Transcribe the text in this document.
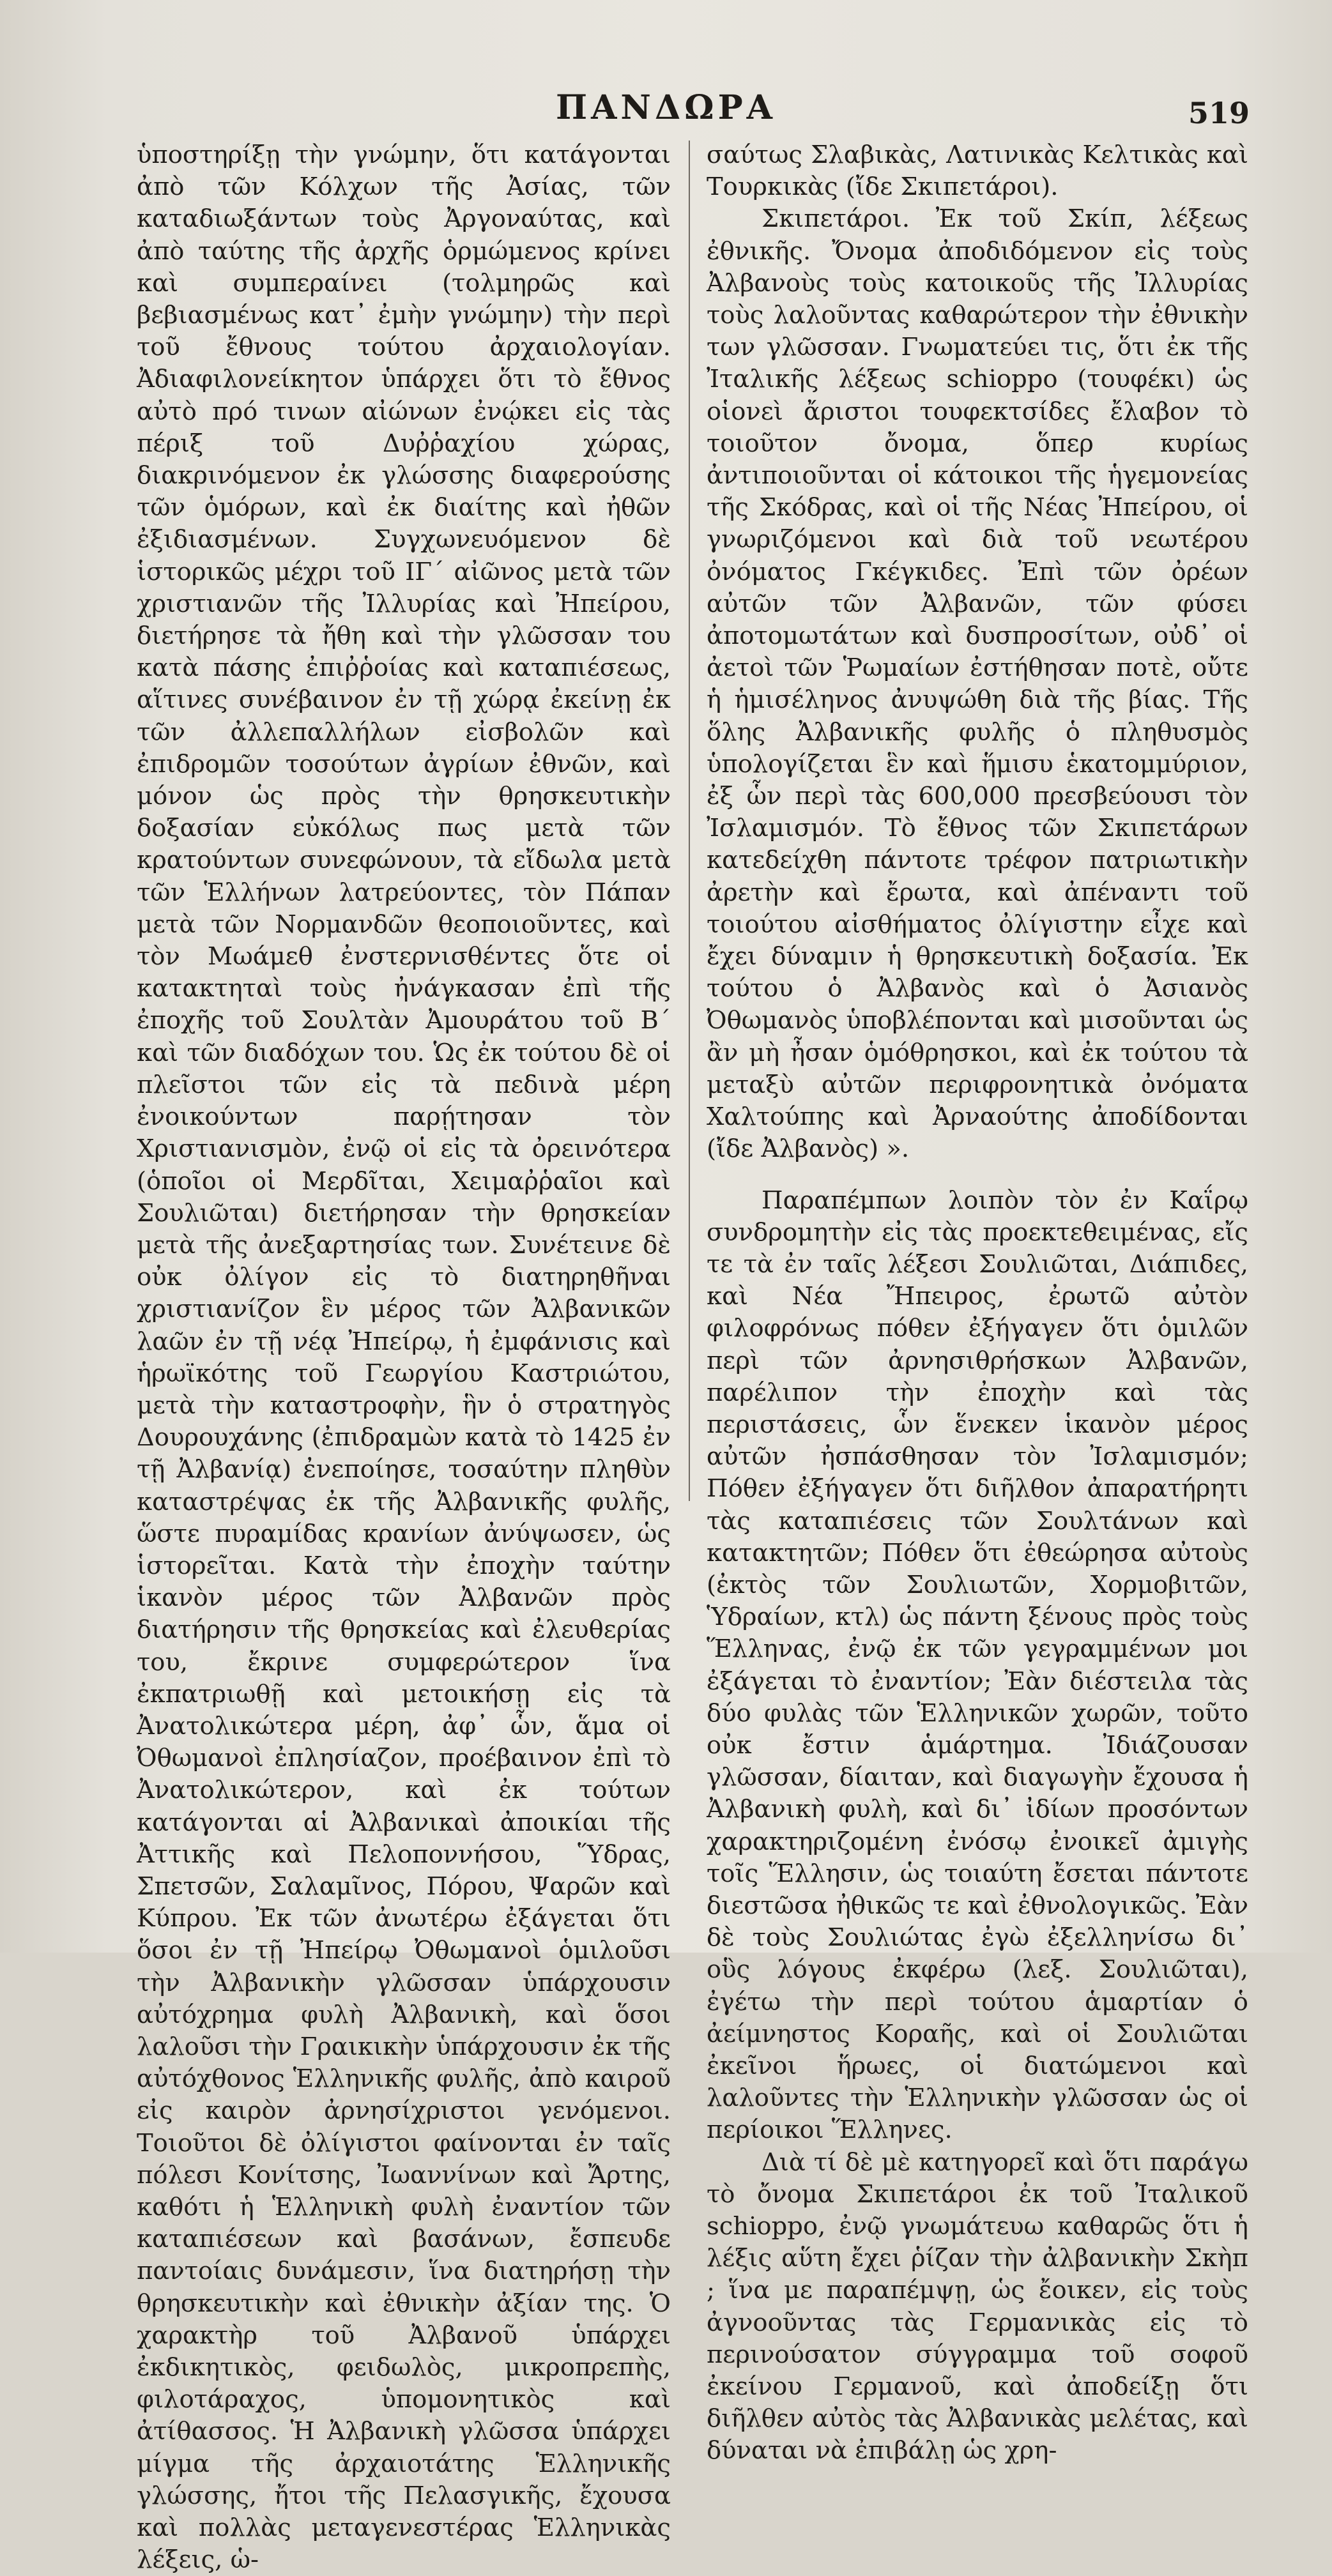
ΠΑΝΔΩΡΑ	519

ὑποστηρίξῃ τὴν γνώμην, ὅτι κατάγονται ἀπὸ τῶν Κόλχων τῆς Ἀσίας, τῶν καταδιωξάντων τοὺς Ἀργοναύτας, καὶ ἀπὸ ταύτης τῆς ἀρχῆς ὁρμώμενος κρίνει καὶ συμπεραίνει (τολμηρῶς καὶ βεβιασμένως κατ᾽ ἐμὴν γνώμην) τὴν περὶ τοῦ ἔθνους τούτου ἀρχαιολογίαν. Ἀδιαφιλονείκητον ὑπάρχει ὅτι τὸ ἔθνος αὐτὸ πρό τινων αἰώνων ἐνῴκει εἰς τὰς πέριξ τοῦ Δυῤῥαχίου χώρας, διακρινόμενον ἐκ γλώσσης διαφερούσης τῶν ὁμόρων, καὶ ἐκ διαίτης καὶ ἠθῶν ἐξιδιασμένων. Συγχωνευόμενον δὲ ἱστορικῶς μέχρι τοῦ ΙΓ´ αἰῶνος μετὰ τῶν χριστιανῶν τῆς Ἰλλυρίας καὶ Ἠπείρου, διετήρησε τὰ ἤθη καὶ τὴν γλῶσσαν του κατὰ πάσης ἐπιῤῥοίας καὶ καταπιέσεως, αἵτινες συνέβαινον ἐν τῇ χώρᾳ ἐκείνῃ ἐκ τῶν ἀλλεπαλλήλων εἰσβολῶν καὶ ἐπιδρομῶν τοσούτων ἀγρίων ἐθνῶν, καὶ μόνον ὡς πρὸς τὴν θρησκευτικὴν δοξασίαν εὐκόλως πως μετὰ τῶν κρατούντων συνεφώνουν, τὰ εἴδωλα μετὰ τῶν Ἑλλήνων λατρεύοντες, τὸν Πάπαν μετὰ τῶν Νορμανδῶν θεοποιοῦντες, καὶ τὸν Μωάμεθ ἐνστερνισθέντες ὅτε οἱ κατακτηταὶ τοὺς ἠνάγκασαν ἐπὶ τῆς ἐποχῆς τοῦ Σουλτὰν Ἀμουράτου τοῦ Β´ καὶ τῶν διαδόχων του. Ὡς ἐκ τούτου δὲ οἱ πλεῖστοι τῶν εἰς τὰ πεδινὰ μέρη ἐνοικούντων παρῄτησαν τὸν Χριστιανισμὸν, ἐνῷ οἱ εἰς τὰ ὀρεινότερα (ὁποῖοι οἱ Μερδῖται, Χειμαῤῥαῖοι καὶ Σουλιῶται) διετήρησαν τὴν θρησκείαν μετὰ τῆς ἀνεξαρτησίας των. Συνέτεινε δὲ οὐκ ὀλίγον εἰς τὸ διατηρηθῆναι χριστιανίζον ἓν μέρος τῶν Ἀλβανικῶν λαῶν ἐν τῇ νέᾳ Ἠπείρῳ, ἡ ἐμφάνισις καὶ ἡρωϊκότης τοῦ Γεωργίου Καστριώτου, μετὰ τὴν καταστροφὴν, ἣν ὁ στρατηγὸς Δουρουχάνης (ἐπιδραμὼν κατὰ τὸ 1425 ἐν τῇ Ἀλβανίᾳ) ἐνεποίησε, τοσαύτην πληθὺν καταστρέψας ἐκ τῆς Ἀλβανικῆς φυλῆς, ὥστε πυραμίδας κρανίων ἀνύψωσεν, ὡς ἱστορεῖται. Κατὰ τὴν ἐποχὴν ταύτην ἱκανὸν μέρος τῶν Ἀλβανῶν πρὸς διατήρησιν τῆς θρησκείας καὶ ἐλευθερίας του, ἔκρινε συμφερώτερον ἵνα ἐκπατριωθῇ καὶ μετοικήσῃ εἰς τὰ Ἀνατολικώτερα μέρη, ἀφ᾽ ὧν, ἅμα οἱ Ὀθωμανοὶ ἐπλησίαζον, προέβαινον ἐπὶ τὸ Ἀνατολικώτερον, καὶ ἐκ τούτων κατάγονται αἱ Ἀλβανικαὶ ἀποικίαι τῆς Ἀττικῆς καὶ Πελοποννήσου, Ὕδρας, Σπετσῶν, Σαλαμῖνος, Πόρου, Ψαρῶν καὶ Κύπρου. Ἐκ τῶν ἀνωτέρω ἐξάγεται ὅτι ὅσοι ἐν τῇ Ἠπείρῳ Ὀθωμανοὶ ὁμιλοῦσι τὴν Ἀλβανικὴν γλῶσσαν ὑπάρχουσιν αὐτόχρημα φυλὴ Ἀλβανικὴ, καὶ ὅσοι λαλοῦσι τὴν Γραικικὴν ὑπάρχουσιν ἐκ τῆς αὐτόχθονος Ἑλληνικῆς φυλῆς, ἀπὸ καιροῦ εἰς καιρὸν ἀρνησίχριστοι γενόμενοι. Τοιοῦτοι δὲ ὀλίγιστοι φαίνονται ἐν ταῖς πόλεσι Κονίτσης, Ἰωαννίνων καὶ Ἄρτης, καθότι ἡ Ἑλληνικὴ φυλὴ ἐναντίον τῶν καταπιέσεων καὶ βασάνων, ἔσπευδε παντοίαις δυνάμεσιν, ἵνα διατηρήσῃ τὴν θρησκευτικὴν καὶ ἐθνικὴν ἀξίαν της. Ὁ χαρακτὴρ τοῦ Ἀλβανοῦ ὑπάρχει ἐκδικητικὸς, φειδωλὸς, μικροπρεπὴς, φιλοτάραχος, ὑπομονητικὸς καὶ ἀτίθασσος. Ἡ Ἀλβανικὴ γλῶσσα ὑπάρχει μίγμα τῆς ἀρχαιοτάτης Ἑλληνικῆς γλώσσης, ἤτοι τῆς Πελασγικῆς, ἔχουσα καὶ πολλὰς μεταγενεστέρας Ἑλληνικὰς λέξεις, ὡ-

σαύτως Σλαβικὰς, Λατινικὰς Κελτικὰς καὶ Τουρκικὰς (ἴδε Σκιπετάροι).

Σκιπετάροι. Ἐκ τοῦ Σκίπ, λέξεως ἐθνικῆς. Ὄνομα ἀποδιδόμενον εἰς τοὺς Ἀλβανοὺς τοὺς κατοικοῦς τῆς Ἰλλυρίας τοὺς λαλοῦντας καθαρώτερον τὴν ἐθνικὴν των γλῶσσαν. Γνωματεύει τις, ὅτι ἐκ τῆς Ἰταλικῆς λέξεως schioppo (τουφέκι) ὡς οἱονεὶ ἄριστοι τουφεκτσίδες ἔλαβον τὸ τοιοῦτον ὄνομα, ὅπερ κυρίως ἀντιποιοῦνται οἱ κάτοικοι τῆς ἡγεμονείας τῆς Σκόδρας, καὶ οἱ τῆς Νέας Ἠπείρου, οἱ γνωριζόμενοι καὶ διὰ τοῦ νεωτέρου ὀνόματος Γκέγκιδες. Ἐπὶ τῶν ὀρέων αὐτῶν τῶν Ἀλβανῶν, τῶν φύσει ἀποτομωτάτων καὶ δυσπροσίτων, οὐδ᾽ οἱ ἀετοὶ τῶν Ῥωμαίων ἐστήθησαν ποτὲ, οὔτε ἡ ἡμισέληνος ἀνυψώθη διὰ τῆς βίας. Τῆς ὅλης Ἀλβανικῆς φυλῆς ὁ πληθυσμὸς ὑπολογίζεται ἓν καὶ ἥμισυ ἑκατομμύριον, ἐξ ὧν περὶ τὰς 600,000 πρεσβεύουσι τὸν Ἰσλαμισμόν. Τὸ ἔθνος τῶν Σκιπετάρων κατεδείχθη πάντοτε τρέφον πατριωτικὴν ἀρετὴν καὶ ἔρωτα, καὶ ἀπέναντι τοῦ τοιούτου αἰσθήματος ὀλίγιστην εἶχε καὶ ἔχει δύναμιν ἡ θρησκευτικὴ δοξασία. Ἐκ τούτου ὁ Ἀλβανὸς καὶ ὁ Ἀσιανὸς Ὀθωμανὸς ὑποβλέπονται καὶ μισοῦνται ὡς ἂν μὴ ἦσαν ὁμόθρησκοι, καὶ ἐκ τούτου τὰ μεταξὺ αὐτῶν περιφρονητικὰ ὀνόματα Χαλτούπης καὶ Ἀρναούτης ἀποδίδονται (ἴδε Ἀλβανὸς) ».

Παραπέμπων λοιπὸν τὸν ἐν Καΐρῳ συνδρομητὴν εἰς τὰς προεκτεθειμένας, εἴς τε τὰ ἐν ταῖς λέξεσι Σουλιῶται, Διάπιδες, καὶ Νέα Ἤπειρος, ἐρωτῶ αὐτὸν φιλοφρόνως πόθεν ἐξήγαγεν ὅτι ὁμιλῶν περὶ τῶν ἀρνησιθρήσκων Ἀλβανῶν, παρέλιπον τὴν ἐποχὴν καὶ τὰς περιστάσεις, ὧν ἕνεκεν ἱκανὸν μέρος αὐτῶν ἠσπάσθησαν τὸν Ἰσλαμισμόν; Πόθεν ἐξήγαγεν ὅτι διῆλθον ἀπαρατήρητι τὰς καταπιέσεις τῶν Σουλτάνων καὶ κατακτητῶν; Πόθεν ὅτι ἐθεώρησα αὐτοὺς (ἐκτὸς τῶν Σουλιωτῶν, Χορμοβιτῶν, Ὑδραίων, κτλ) ὡς πάντη ξένους πρὸς τοὺς Ἕλληνας, ἐνῷ ἐκ τῶν γεγραμμένων μοι ἐξάγεται τὸ ἐναντίον; Ἐὰν διέστειλα τὰς δύο φυλὰς τῶν Ἑλληνικῶν χωρῶν, τοῦτο οὐκ ἔστιν ἁμάρτημα. Ἰδιάζουσαν γλῶσσαν, δίαιταν, καὶ διαγωγὴν ἔχουσα ἡ Ἀλβανικὴ φυλὴ, καὶ δι᾽ ἰδίων προσόντων χαρακτηριζομένη ἐνόσῳ ἐνοικεῖ ἀμιγὴς τοῖς Ἕλλησιν, ὡς τοιαύτη ἔσεται πάντοτε διεστῶσα ἠθικῶς τε καὶ ἐθνολογικῶς. Ἐὰν δὲ τοὺς Σουλιώτας ἐγὼ ἐξελληνίσω δι᾽ οὓς λόγους ἐκφέρω (λεξ. Σουλιῶται), ἐγέτω τὴν περὶ τούτου ἁμαρτίαν ὁ ἀείμνηστος Κοραῆς, καὶ οἱ Σουλιῶται ἐκεῖνοι ἥρωες, οἱ διατώμενοι καὶ λαλοῦντες τὴν Ἑλληνικὴν γλῶσσαν ὡς οἱ περίοικοι Ἕλληνες.

Διὰ τί δὲ μὲ κατηγορεῖ καὶ ὅτι παράγω τὸ ὄνομα Σκιπετάροι ἐκ τοῦ Ἰταλικοῦ schioppo, ἐνῷ γνωμάτευω καθαρῶς ὅτι ἡ λέξις αὕτη ἔχει ῥίζαν τὴν ἀλβανικὴν Σκὴπ ; ἵνα με παραπέμψῃ, ὡς ἔοικεν, εἰς τοὺς ἀγνοοῦντας τὰς Γερμανικὰς εἰς τὸ περινούσατον σύγγραμμα τοῦ σοφοῦ ἐκείνου Γερμανοῦ, καὶ ἀποδείξῃ ὅτι διῆλθεν αὐτὸς τὰς Ἀλβανικὰς μελέτας, καὶ δύναται νὰ ἐπιβάλῃ ὡς χρη-
